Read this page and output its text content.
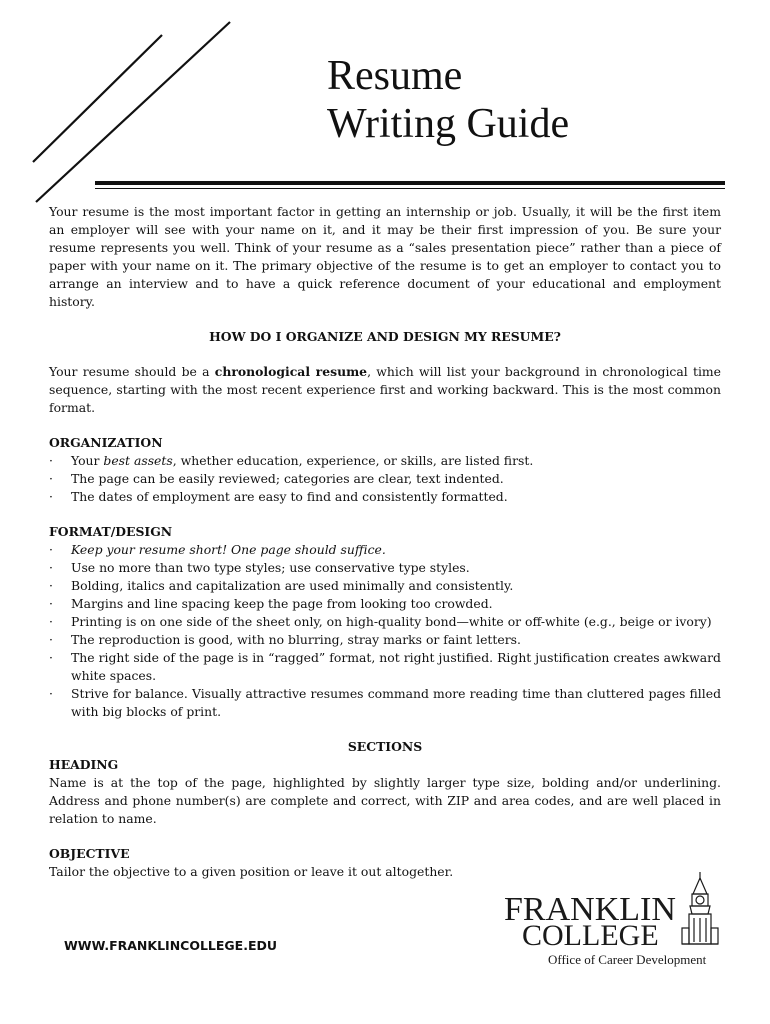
Resume
Writing Guide

Your resume is the most important factor in getting an internship or job. Usually, it will be the first item an employer will see with your name on it, and it may be their first impression of you. Be sure your resume represents you well. Think of your resume as a “sales presentation piece” rather than a piece of paper with your name on it. The primary objective of the resume is to get an employer to contact you to arrange an interview and to have a quick reference document of your educational and employment history.

HOW DO I ORGANIZE AND DESIGN MY RESUME?

Your resume should be a chronological resume, which will list your background in chronological time sequence, starting with the most recent experience first and working backward. This is the most common format.

ORGANIZATION

· Your best assets, whether education, experience, or skills, are listed first.
· The page can be easily reviewed; categories are clear, text indented.
· The dates of employment are easy to find and consistently formatted.

FORMAT/DESIGN

· Keep your resume short! One page should suffice.
· Use no more than two type styles; use conservative type styles.
· Bolding, italics and capitalization are used minimally and consistently.
· Margins and line spacing keep the page from looking too crowded.
· Printing is on one side of the sheet only, on high-quality bond—white or off-white (e.g., beige or ivory)
· The reproduction is good, with no blurring, stray marks or faint letters.
· The right side of the page is in “ragged” format, not right justified. Right justification creates awkward white spaces.
· Strive for balance. Visually attractive resumes command more reading time than cluttered pages filled with big blocks of print.

SECTIONS

HEADING

Name is at the top of the page, highlighted by slightly larger type size, bolding and/or underlining. Address and phone number(s) are complete and correct, with ZIP and area codes, and are well placed in relation to name.

OBJECTIVE

Tailor the objective to a given position or leave it out altogether.

WWW.FRANKLINCOLLEGE.EDU

FRANKLIN

COLLEGE

Office of Career Development
